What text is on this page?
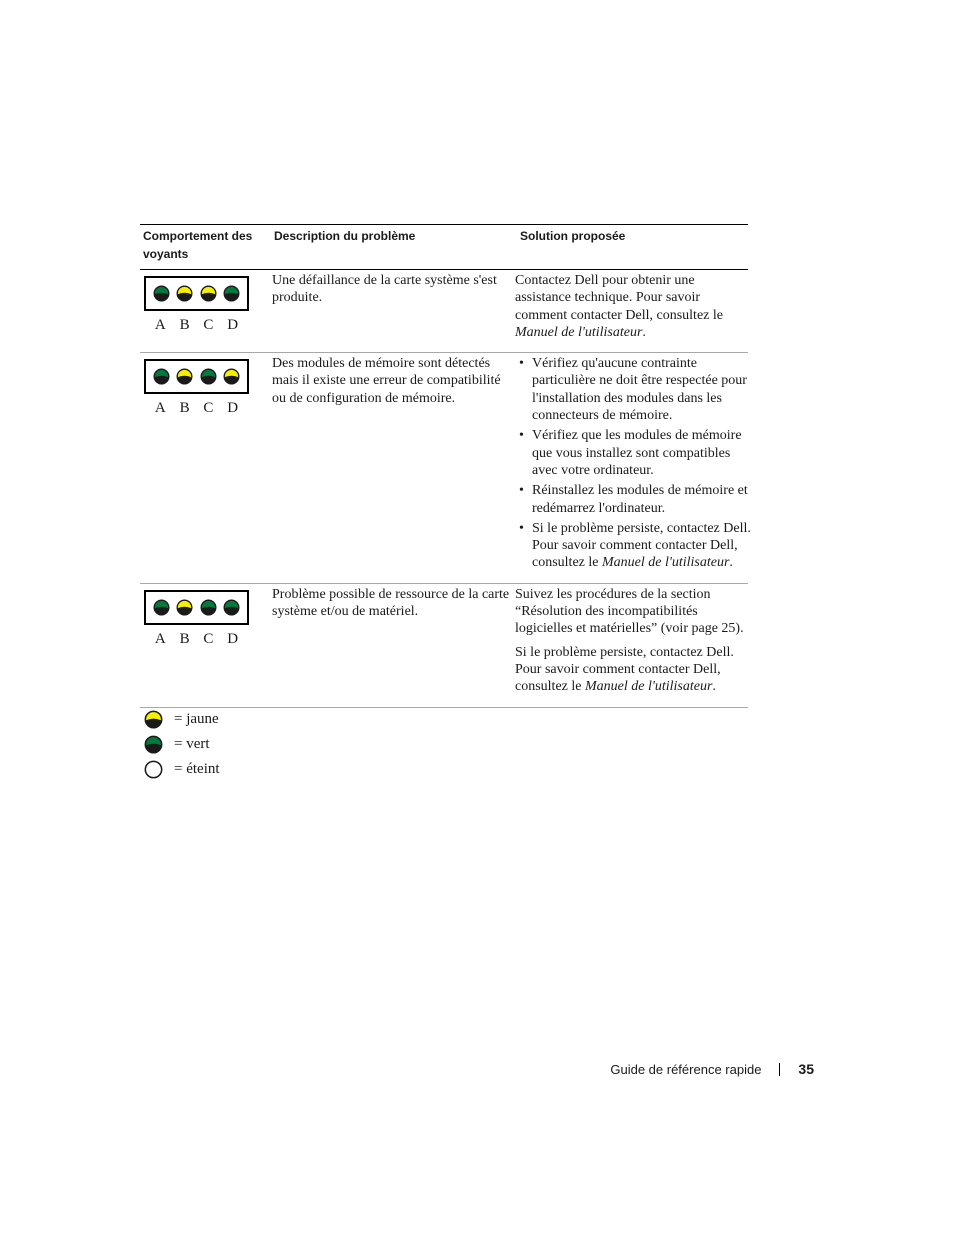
Comportement des voyants
Description du problème	Solution proposée
A B C D
Une défaillance de la carte système s'est produite.

Contactez Dell pour obtenir une assistance technique. Pour savoir comment contacter Dell, consultez le Manuel de l'utilisateur.

A B C D
Des modules de mémoire sont détectés mais il existe une erreur de compatibilité ou de configuration de mémoire.
• Vérifiez qu'aucune contrainte particulière ne doit être respectée pour l'installation des modules dans les connecteurs de mémoire.
• Vérifiez que les modules de mémoire que vous installez sont compatibles avec votre ordinateur.
• Réinstallez les modules de mémoire et redémarrez l'ordinateur.
• Si le problème persiste, contactez Dell. Pour savoir comment contacter Dell, consultez le Manuel de l'utilisateur.
A B C D
Problème possible de ressource de la carte système et/ou de matériel.

Suivez les procédures de la section “Résolution des incompatibilités logicielles et matérielles” (voir page 25).

Si le problème persiste, contactez Dell. Pour savoir comment contacter Dell, consultez le Manuel de l'utilisateur.

= jaune
= vert
= éteint
Guide de référence rapide	35
